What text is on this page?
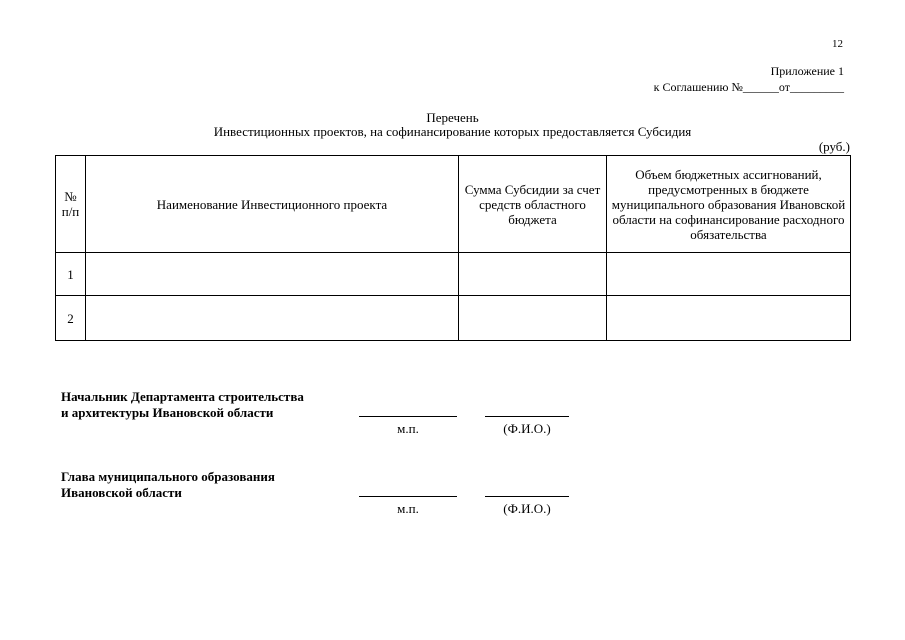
12
Приложение 1
к Соглашению №______от_________
Перечень
Инвестиционных проектов, на софинансирование которых предоставляется Субсидия
(руб.)
№ п/п	Наименование Инвестиционного проекта	Сумма Субсидии за счет средств областного бюджета	Объем бюджетных ассигнований, предусмотренных в бюджете муниципального образования Ивановской области на софинансирование расходного обязательства
1			
2			
Начальник Департамента строительства
и архитектуры Ивановской области
м.п.	(Ф.И.О.)
Глава муниципального образования
Ивановской области
м.п.	(Ф.И.О.)
